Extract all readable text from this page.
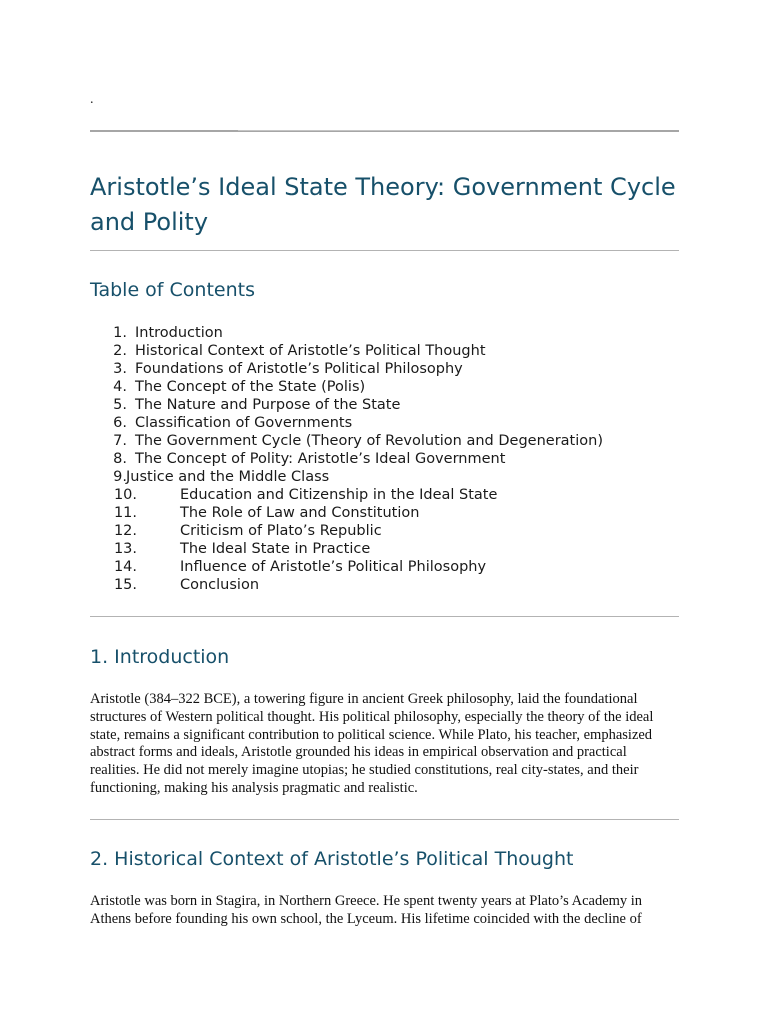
.
Aristotle’s Ideal State Theory: Government Cycle and Polity
Table of Contents
1. Introduction
2. Historical Context of Aristotle’s Political Thought
3. Foundations of Aristotle’s Political Philosophy
4. The Concept of the State (Polis)
5. The Nature and Purpose of the State
6. Classification of Governments
7. The Government Cycle (Theory of Revolution and Degeneration)
8. The Concept of Polity: Aristotle’s Ideal Government
9. Justice and the Middle Class
10.	Education and Citizenship in the Ideal State
11.	The Role of Law and Constitution
12.	Criticism of Plato’s Republic
13.	The Ideal State in Practice
14.	Influence of Aristotle’s Political Philosophy
15.	Conclusion
1. Introduction

Aristotle (384–322 BCE), a towering figure in ancient Greek philosophy, laid the foundational structures of Western political thought. His political philosophy, especially the theory of the ideal state, remains a significant contribution to political science. While Plato, his teacher, emphasized abstract forms and ideals, Aristotle grounded his ideas in empirical observation and practical realities. He did not merely imagine utopias; he studied constitutions, real city-states, and their functioning, making his analysis pragmatic and realistic.

2. Historical Context of Aristotle’s Political Thought

Aristotle was born in Stagira, in Northern Greece. He spent twenty years at Plato’s Academy in Athens before founding his own school, the Lyceum. His lifetime coincided with the decline of
